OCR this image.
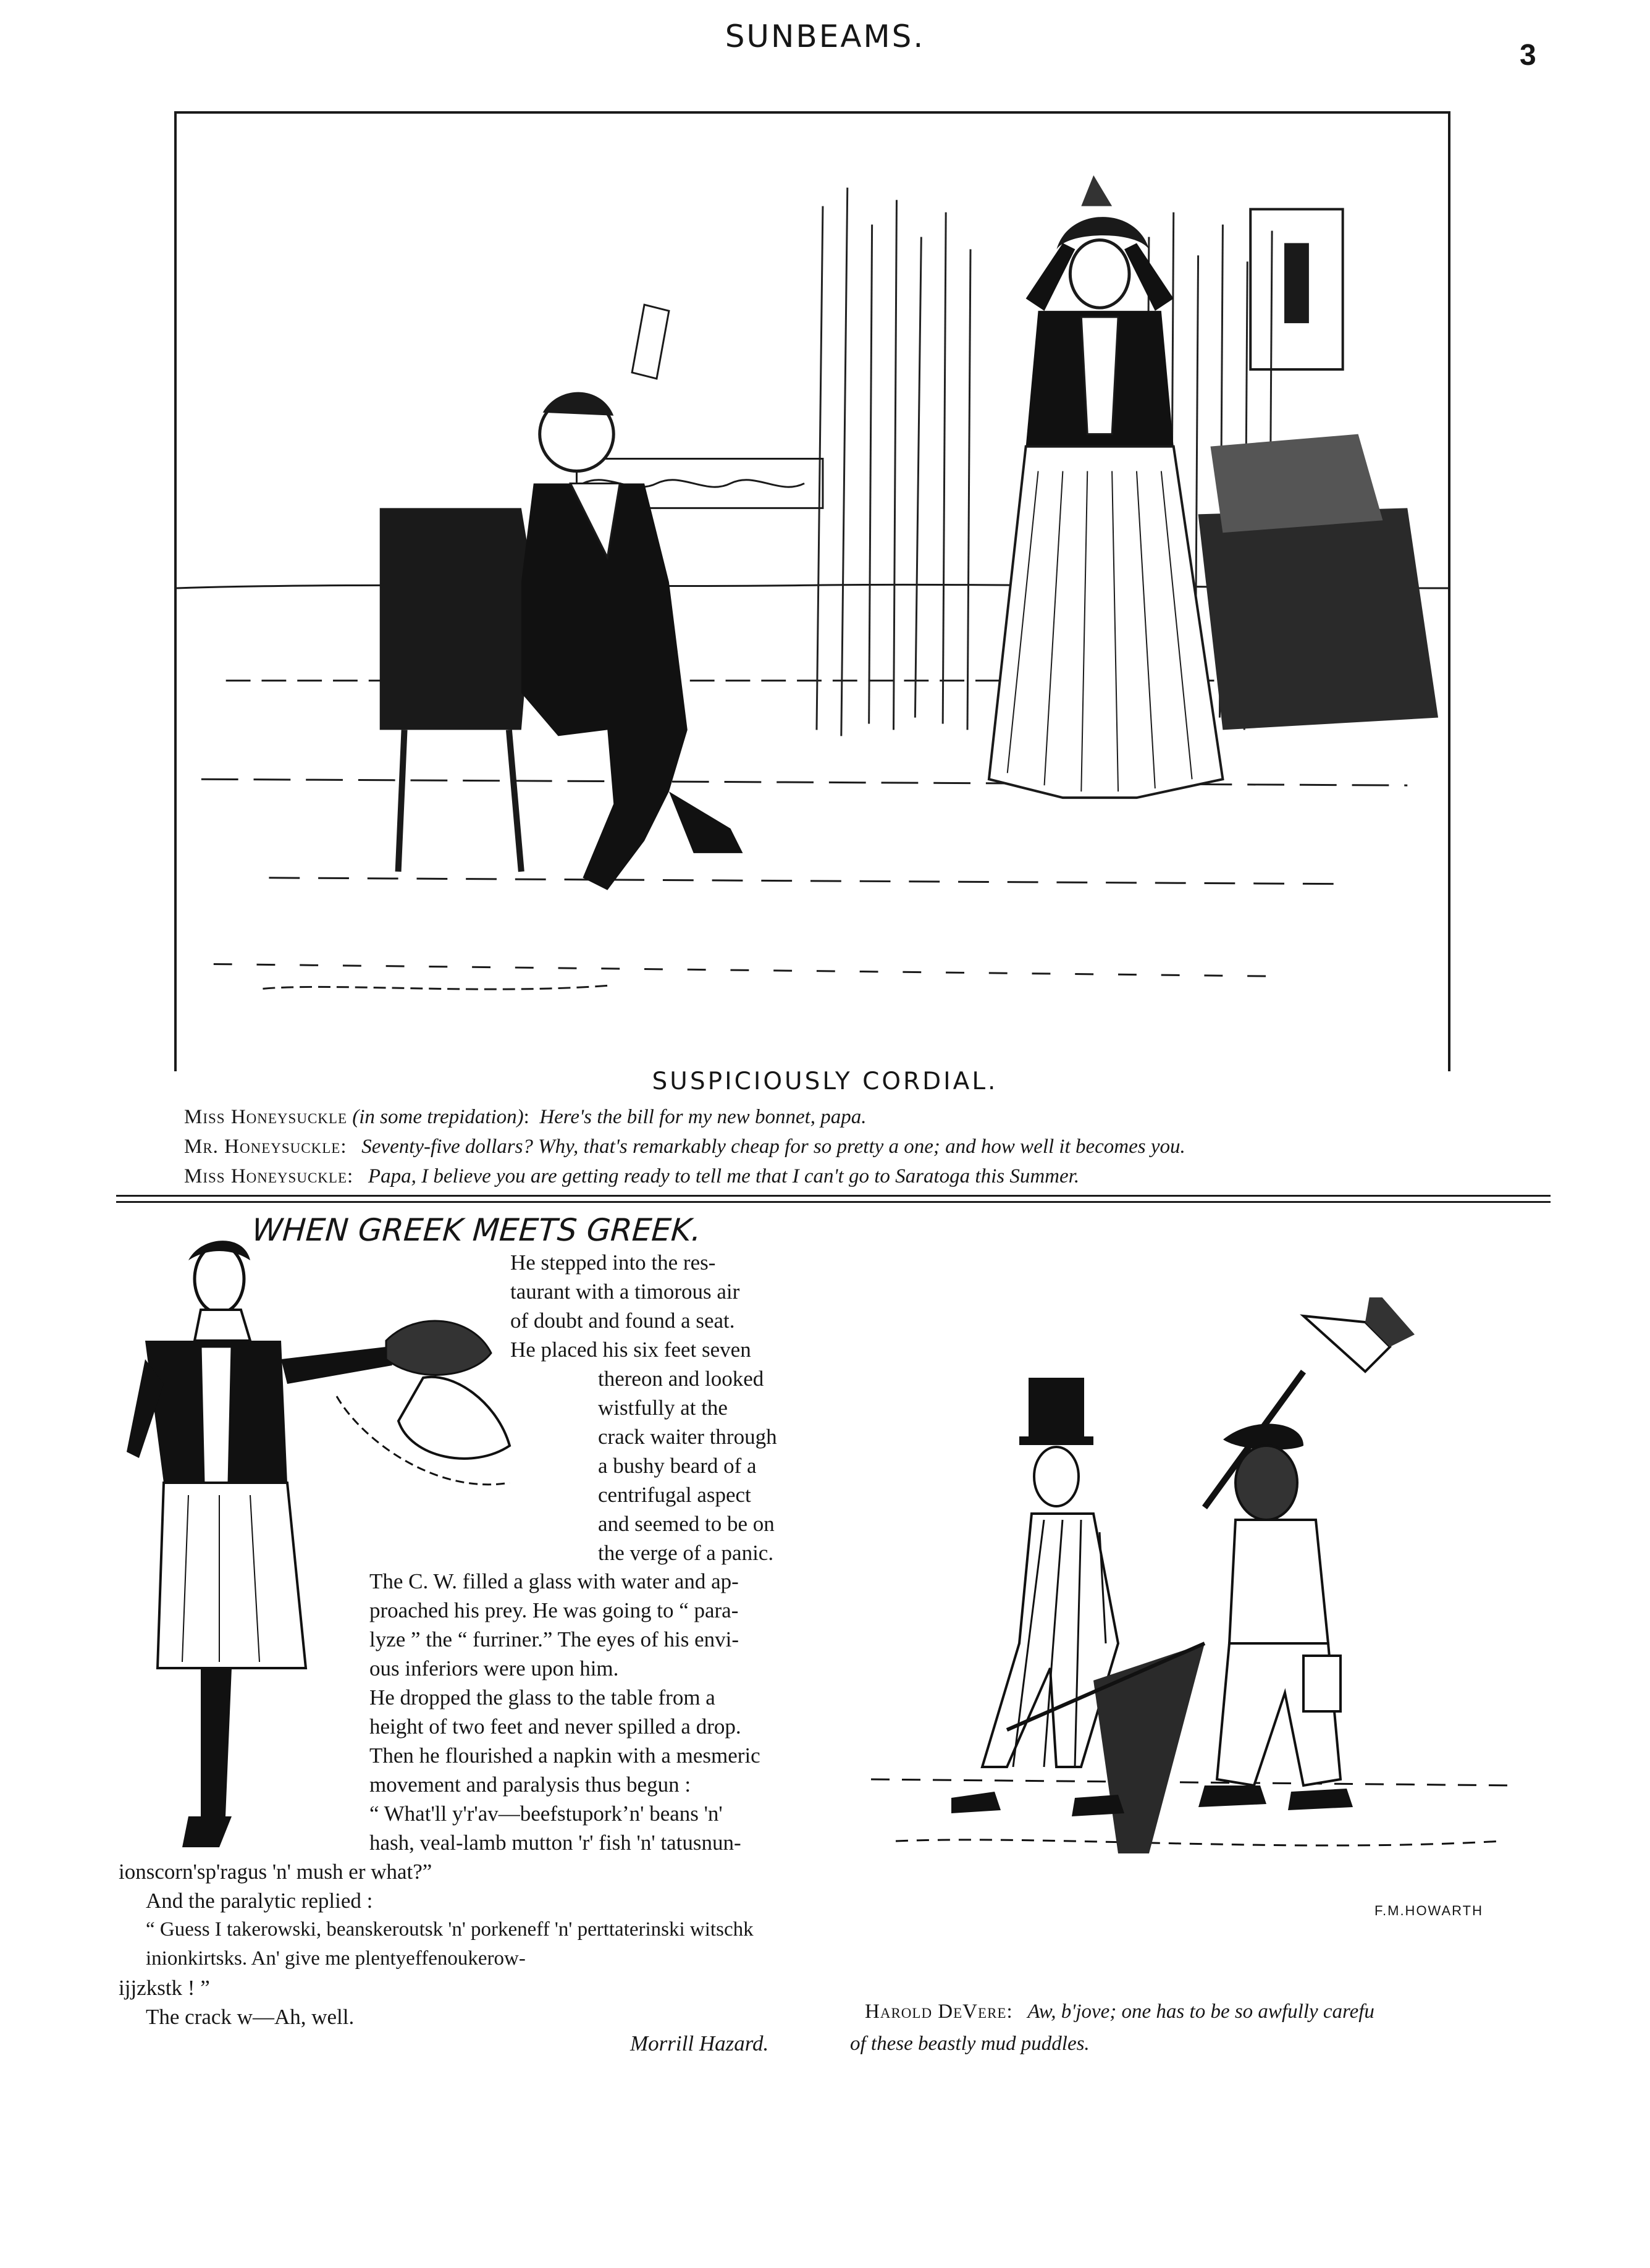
SUNBEAMS.
3
SUSPICIOUSLY CORDIAL.
Miss Honeysuckle (in some trepidation): Here's the bill for my new bonnet, papa.
Mr. Honeysuckle: Seventy-five dollars? Why, that's remarkably cheap for so pretty a one; and how well it becomes you.
Miss Honeysuckle: Papa, I believe you are getting ready to tell me that I can't go to Saratoga this Summer.
WHEN GREEK MEETS GREEK.
F.M.HOWARTH
He stepped into the res-
taurant with a timorous air
of doubt and found a seat.
He placed his six feet seven
thereon and looked
wistfully at the
crack waiter through
a bushy beard of a
centrifugal aspect
and seemed to be on
the verge of a panic.
The C. W. filled a glass with water and ap-
proached his prey. He was going to “ para-
lyze ” the “ furriner.” The eyes of his envi-
ous inferiors were upon him.
He dropped the glass to the table from a
height of two feet and never spilled a drop.
Then he flourished a napkin with a mesmeric
movement and paralysis thus begun :
“ What'll y'r'av—beefstuporkʼn' beans 'n'
hash, veal-lamb mutton 'r' fish 'n' tatusnun-
ionscorn'sp'ragus 'n' mush er what?”
And the paralytic replied :
“ Guess I takerowski, beanskeroutsk 'n' porkeneff 'n' perttaterinski witschk inionkirtsks. An' give me plentyeffenoukerow-
ijjzkstk ! ”
The crack w—Ah, well.
Morrill Hazard.
Harold DeVere: Aw, b'jove; one has to be so awfully carefu
of these beastly mud puddles.
